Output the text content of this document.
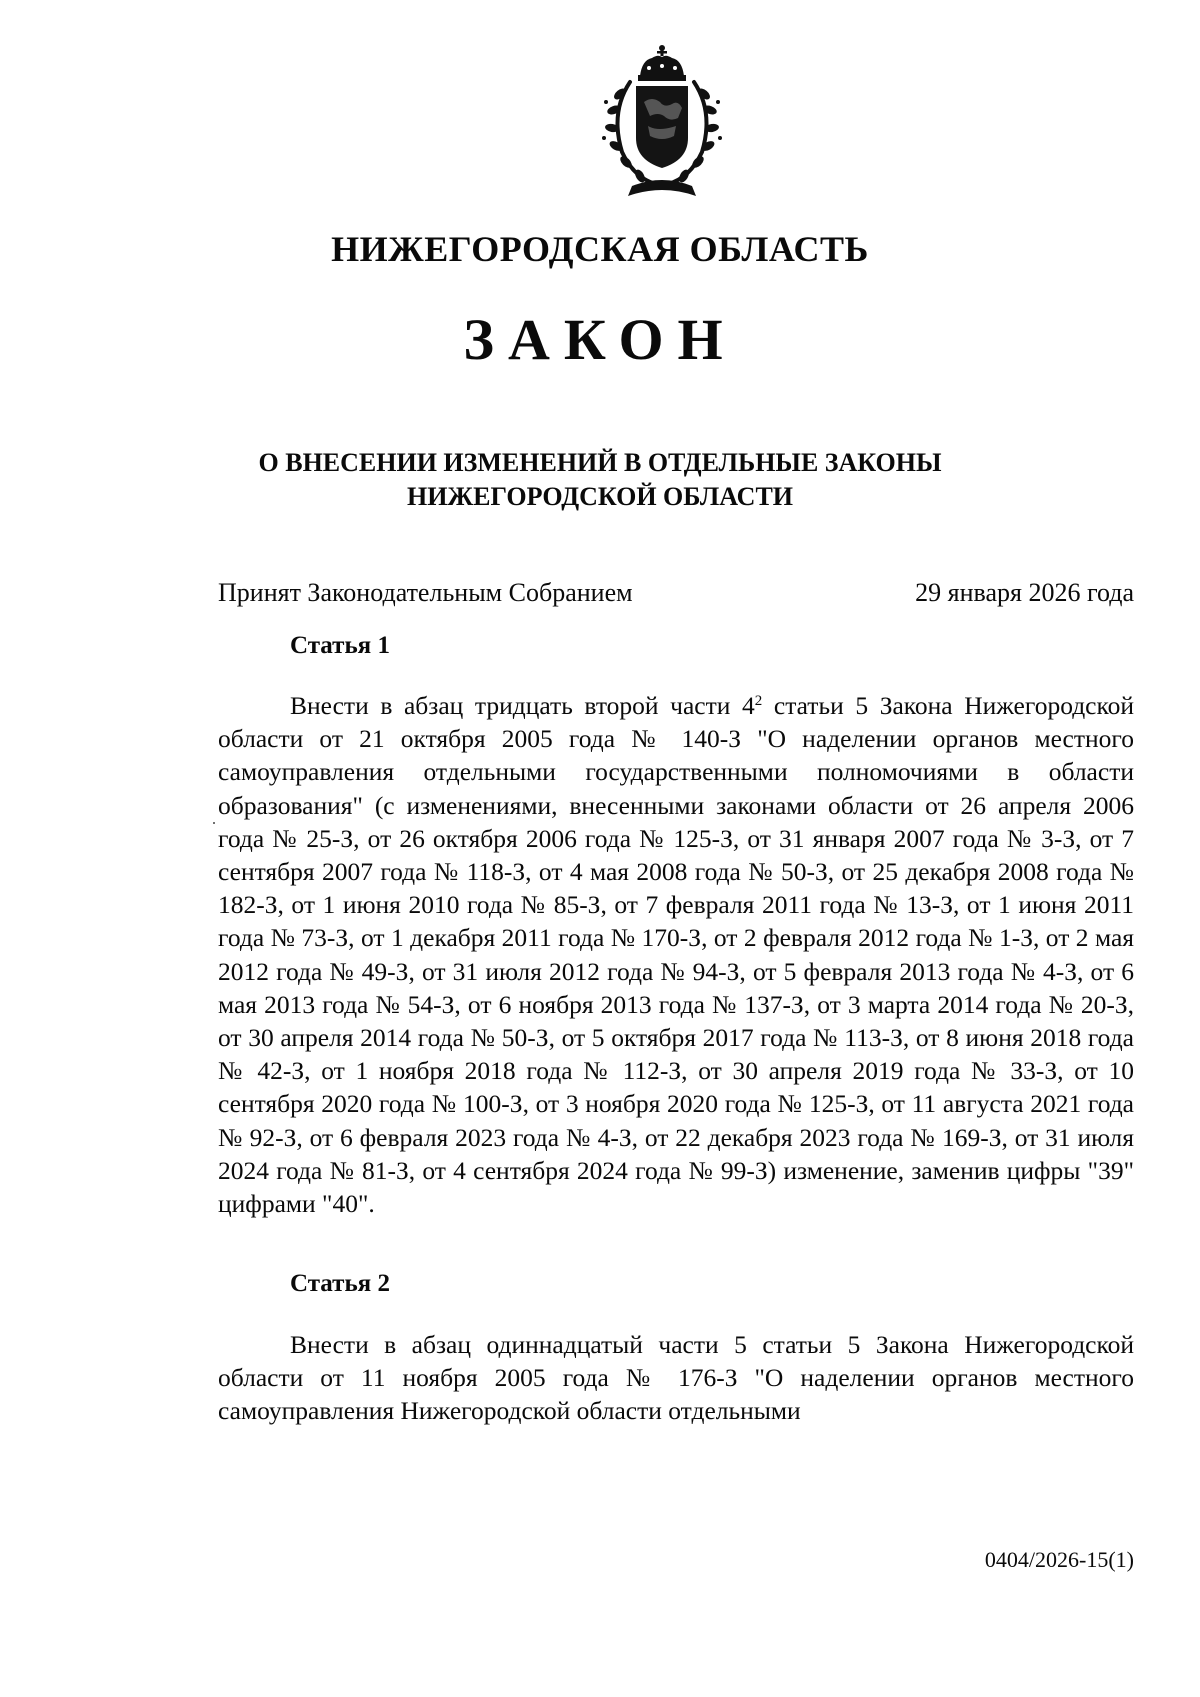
НИЖЕГОРОДСКАЯ ОБЛАСТЬ
ЗАКОН
О ВНЕСЕНИИ ИЗМЕНЕНИЙ В ОТДЕЛЬНЫЕ ЗАКОНЫ
НИЖЕГОРОДСКОЙ ОБЛАСТИ
Принят Законодательным Собранием	29 января 2026 года
Статья 1
Внести в абзац тридцать второй части $4^2$ статьи 5 Закона Нижегородской области от 21 октября 2005 года № 140-З "О наделении органов местного самоуправления отдельными государственными полномочиями в области образования" (с изменениями, внесенными законами области от 26 апреля 2006 года № 25-З, от 26 октября 2006 года № 125-З, от 31 января 2007 года № 3-З, от 7 сентября 2007 года № 118-З, от 4 мая 2008 года № 50-З, от 25 декабря 2008 года № 182-З, от 1 июня 2010 года № 85-З, от 7 февраля 2011 года № 13-З, от 1 июня 2011 года № 73-З, от 1 декабря 2011 года № 170-З, от 2 февраля 2012 года № 1-З, от 2 мая 2012 года № 49-З, от 31 июля 2012 года № 94-З, от 5 февраля 2013 года № 4-З, от 6 мая 2013 года № 54-З, от 6 ноября 2013 года № 137-З, от 3 марта 2014 года № 20-З, от 30 апреля 2014 года № 50-З, от 5 октября 2017 года № 113-З, от 8 июня 2018 года № 42-З, от 1 ноября 2018 года № 112-З, от 30 апреля 2019 года № 33-З, от 10 сентября 2020 года № 100-З, от 3 ноября 2020 года № 125-З, от 11 августа 2021 года № 92-З, от 6 февраля 2023 года № 4-З, от 22 декабря 2023 года № 169-З, от 31 июля 2024 года № 81-З, от 4 сентября 2024 года № 99-З) изменение, заменив цифры "39" цифрами "40".
Статья 2
Внести в абзац одиннадцатый части 5 статьи 5 Закона Нижегородской области от 11 ноября 2005 года № 176-З "О наделении органов местного самоуправления Нижегородской области отдельными
0404/2026-15(1)
